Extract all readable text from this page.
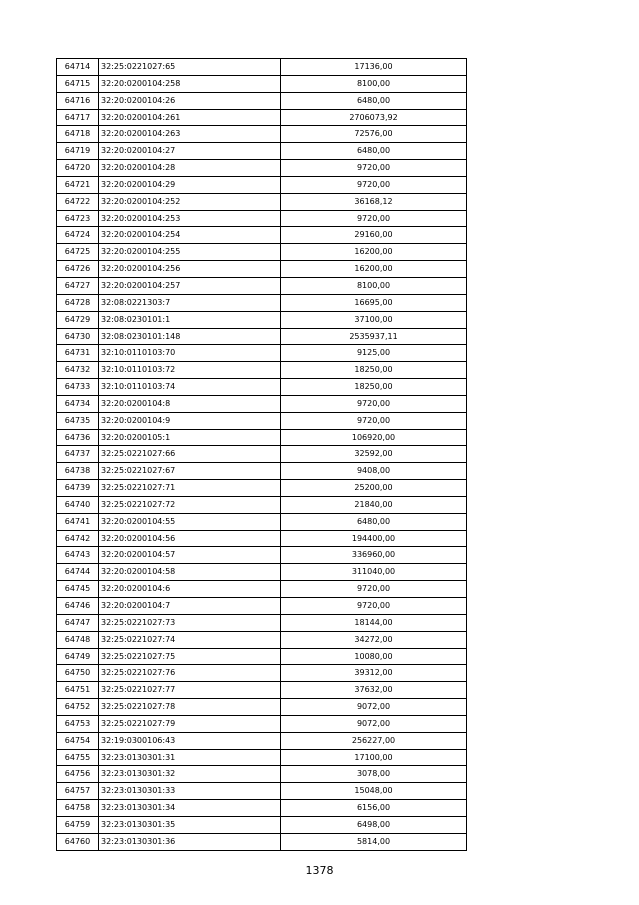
64714	32:25:0221027:65	17136,00
64715	32:20:0200104:258	8100,00
64716	32:20:0200104:26	6480,00
64717	32:20:0200104:261	2706073,92
64718	32:20:0200104:263	72576,00
64719	32:20:0200104:27	6480,00
64720	32:20:0200104:28	9720,00
64721	32:20:0200104:29	9720,00
64722	32:20:0200104:252	36168,12
64723	32:20:0200104:253	9720,00
64724	32:20:0200104:254	29160,00
64725	32:20:0200104:255	16200,00
64726	32:20:0200104:256	16200,00
64727	32:20:0200104:257	8100,00
64728	32:08:0221303:7	16695,00
64729	32:08:0230101:1	37100,00
64730	32:08:0230101:148	2535937,11
64731	32:10:0110103:70	9125,00
64732	32:10:0110103:72	18250,00
64733	32:10:0110103:74	18250,00
64734	32:20:0200104:8	9720,00
64735	32:20:0200104:9	9720,00
64736	32:20:0200105:1	106920,00
64737	32:25:0221027:66	32592,00
64738	32:25:0221027:67	9408,00
64739	32:25:0221027:71	25200,00
64740	32:25:0221027:72	21840,00
64741	32:20:0200104:55	6480,00
64742	32:20:0200104:56	194400,00
64743	32:20:0200104:57	336960,00
64744	32:20:0200104:58	311040,00
64745	32:20:0200104:6	9720,00
64746	32:20:0200104:7	9720,00
64747	32:25:0221027:73	18144,00
64748	32:25:0221027:74	34272,00
64749	32:25:0221027:75	10080,00
64750	32:25:0221027:76	39312,00
64751	32:25:0221027:77	37632,00
64752	32:25:0221027:78	9072,00
64753	32:25:0221027:79	9072,00
64754	32:19:0300106:43	256227,00
64755	32:23:0130301:31	17100,00
64756	32:23:0130301:32	3078,00
64757	32:23:0130301:33	15048,00
64758	32:23:0130301:34	6156,00
64759	32:23:0130301:35	6498,00
64760	32:23:0130301:36	5814,00
1378
